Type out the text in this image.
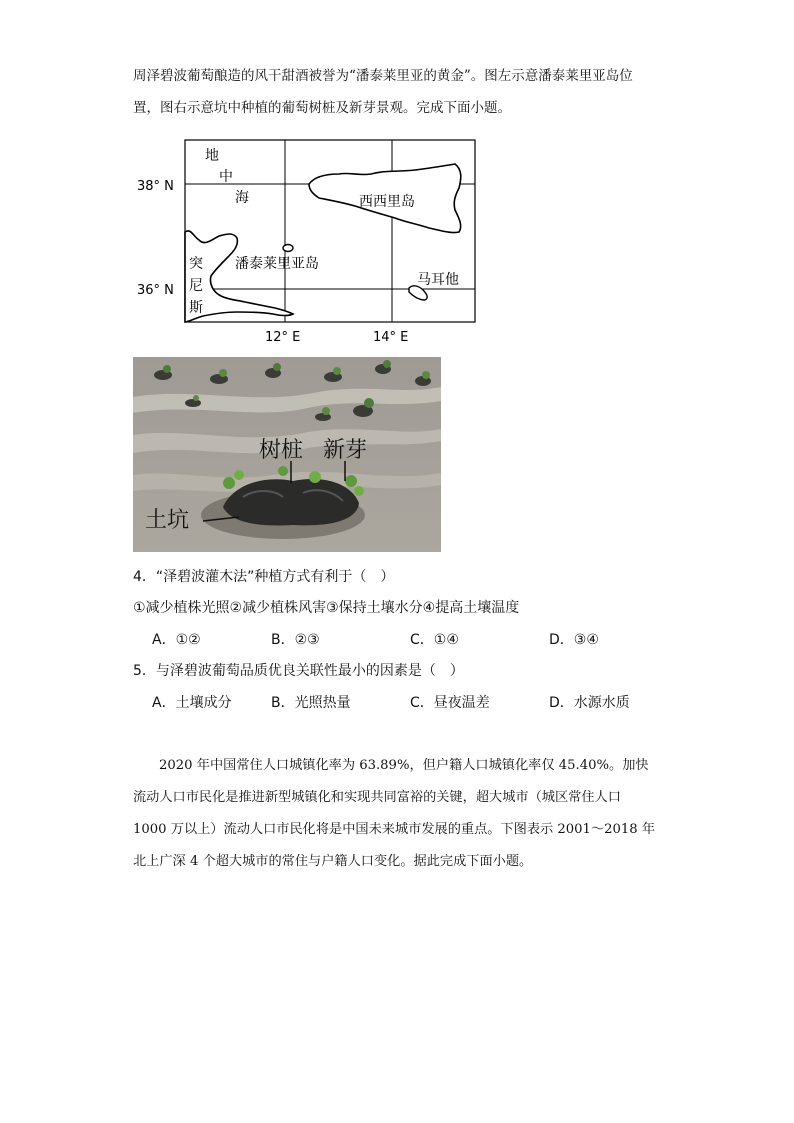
周泽碧波葡萄酿造的风干甜酒被誉为“潘泰莱里亚的黄金”。图左示意潘泰莱里亚岛位

置，图右示意坑中种植的葡萄树桩及新芽景观。完成下面小题。

地
中
海
38° N
36° N
12° E	14° E
西西里岛
潘泰莱里亚岛
马耳他
突
尼
斯
树桩 新芽
土坑
4．“泽碧波灌木法”种植方式有利于（　）
①减少植株光照②减少植株风害③保持土壤水分④提高土壤温度
A．①②	B．②③	C．①④	D．③④
5．与泽碧波葡萄品质优良关联性最小的因素是（　）
A．土壤成分	B．光照热量	C．昼夜温差	D．水源水质

2020 年中国常住人口城镇化率为 63.89%，但户籍人口城镇化率仅 45.40%。加快

流动人口市民化是推进新型城镇化和实现共同富裕的关键，超大城市（城区常住人口

1000 万以上）流动人口市民化将是中国未来城市发展的重点。下图表示 2001～2018 年

北上广深 4 个超大城市的常住与户籍人口变化。据此完成下面小题。
